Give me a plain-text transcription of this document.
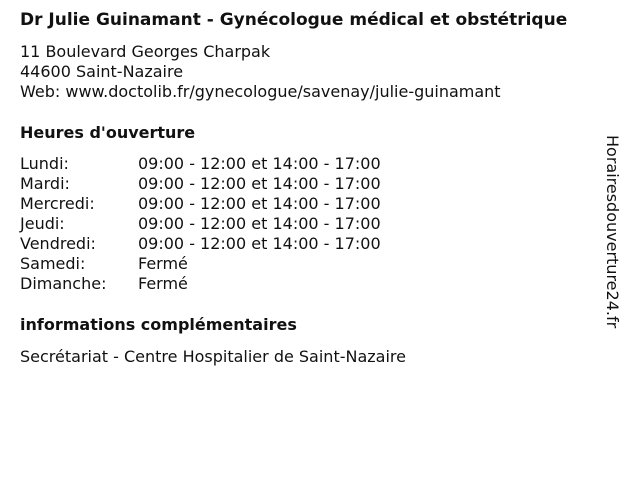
Dr Julie Guinamant - Gynécologue médical et obstétrique
11 Boulevard Georges Charpak
44600 Saint-Nazaire
Web: www.doctolib.fr/gynecologue/savenay/julie-guinamant
Heures d'ouverture
Lundi:	09:00 - 12:00 et 14:00 - 17:00
Mardi:	09:00 - 12:00 et 14:00 - 17:00
Mercredi:	09:00 - 12:00 et 14:00 - 17:00
Jeudi:	09:00 - 12:00 et 14:00 - 17:00
Vendredi:	09:00 - 12:00 et 14:00 - 17:00
Samedi:	Fermé
Dimanche:	Fermé
informations complémentaires
Secrétariat - Centre Hospitalier de Saint-Nazaire
Horairesdouverture24.fr
